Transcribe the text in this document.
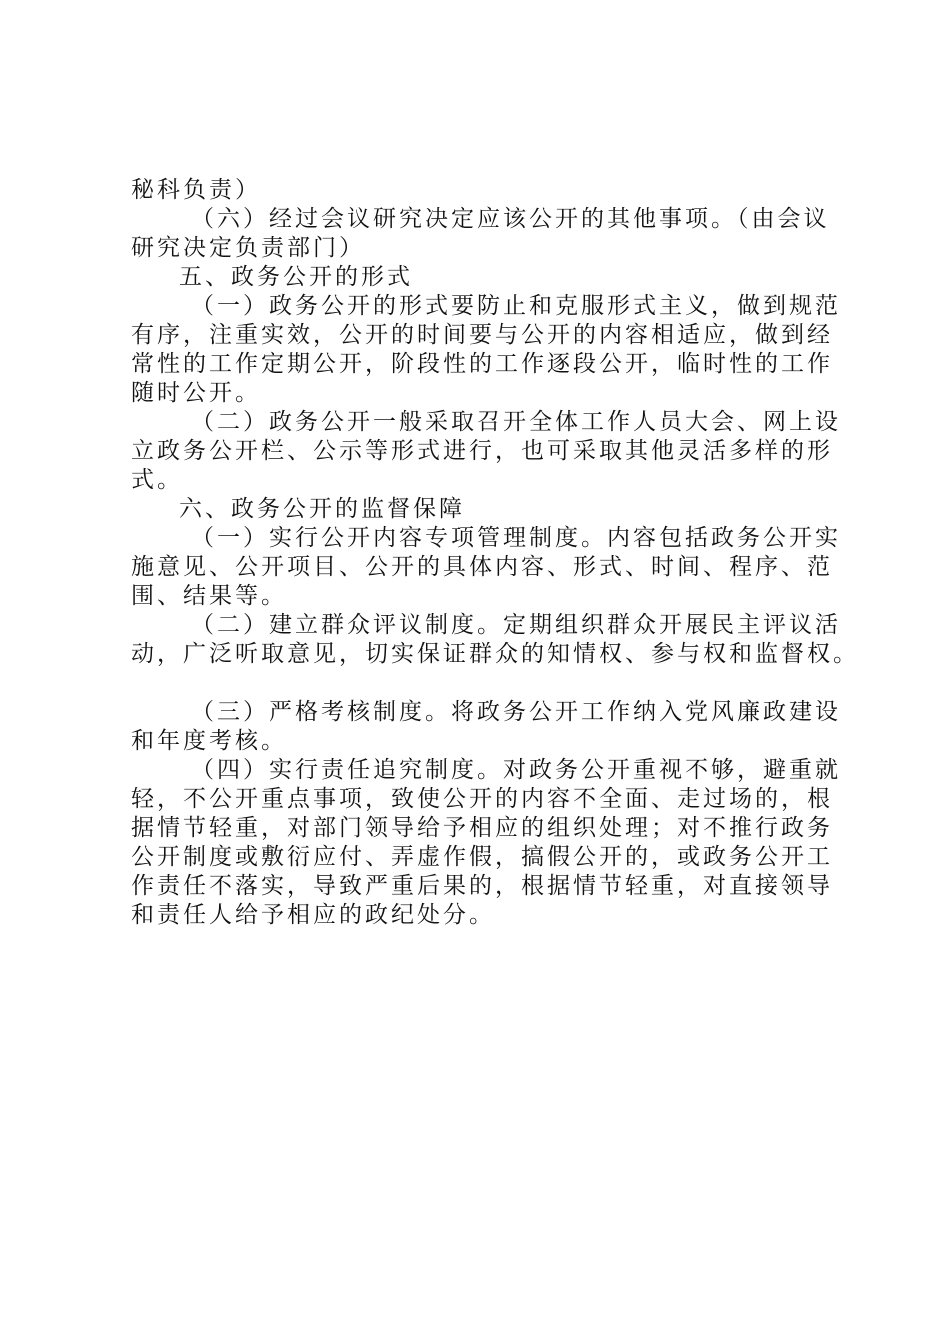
秘科负责）
（六）经过会议研究决定应该公开的其他事项。（由会议
研究决定负责部门）
五、政务公开的形式
（一）政务公开的形式要防止和克服形式主义，做到规范
有序，注重实效，公开的时间要与公开的内容相适应，做到经
常性的工作定期公开，阶段性的工作逐段公开，临时性的工作
随时公开。
（二）政务公开一般采取召开全体工作人员大会、网上设
立政务公开栏、公示等形式进行，也可采取其他灵活多样的形
式。
六、政务公开的监督保障
（一）实行公开内容专项管理制度。内容包括政务公开实
施意见、公开项目、公开的具体内容、形式、时间、程序、范
围、结果等。
（二）建立群众评议制度。定期组织群众开展民主评议活
动，广泛听取意见，切实保证群众的知情权、参与权和监督权。
（三）严格考核制度。将政务公开工作纳入党风廉政建设
和年度考核。
（四）实行责任追究制度。对政务公开重视不够，避重就
轻，不公开重点事项，致使公开的内容不全面、走过场的，根
据情节轻重，对部门领导给予相应的组织处理；对不推行政务
公开制度或敷衍应付、弄虚作假，搞假公开的，或政务公开工
作责任不落实，导致严重后果的，根据情节轻重，对直接领导
和责任人给予相应的政纪处分。
